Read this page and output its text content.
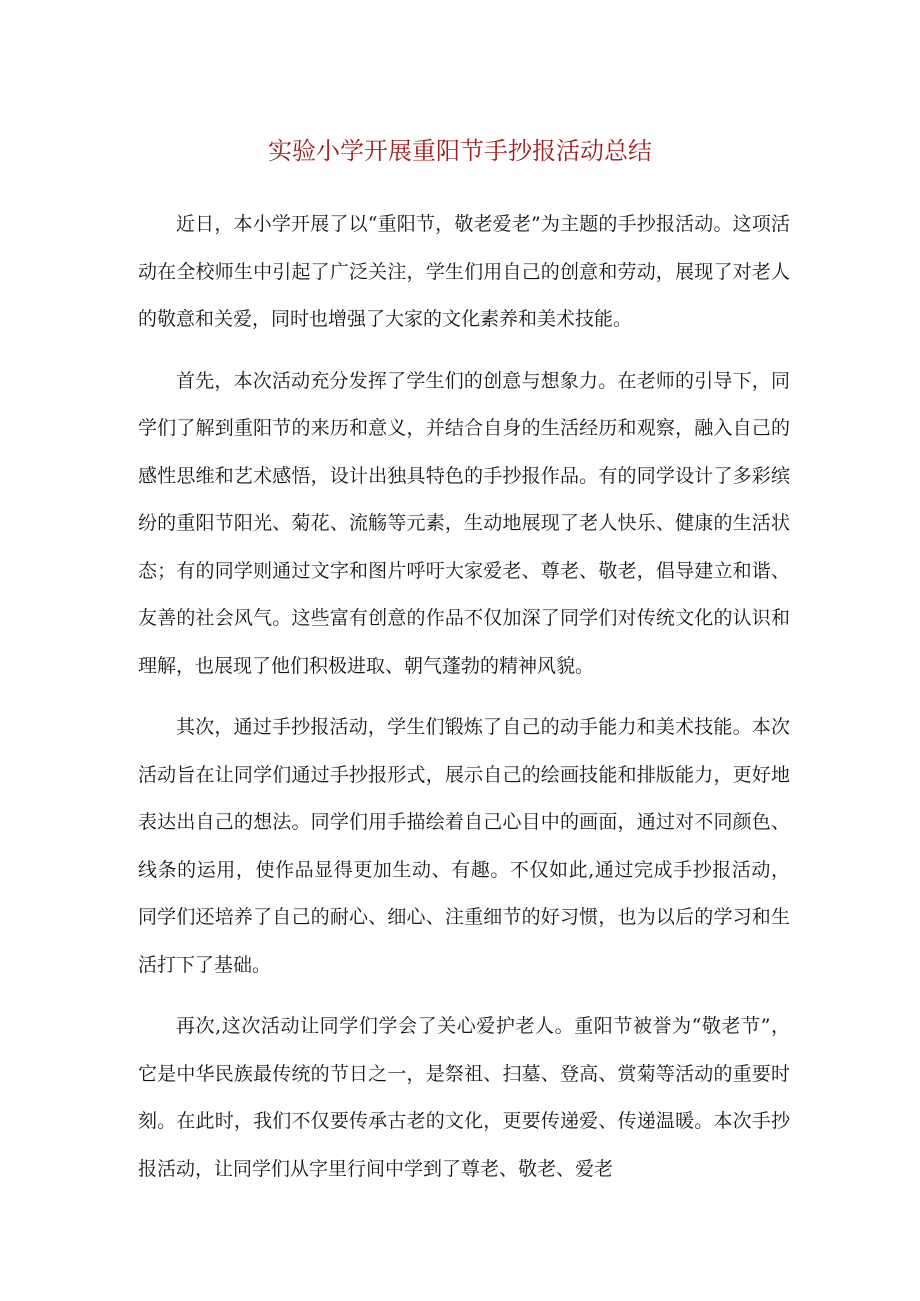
实验小学开展重阳节手抄报活动总结

近日，本小学开展了以“重阳节，敬老爱老”为主题的手抄报活动。这项活动在全校师生中引起了广泛关注，学生们用自己的创意和劳动，展现了对老人的敬意和关爱，同时也增强了大家的文化素养和美术技能。

首先，本次活动充分发挥了学生们的创意与想象力。在老师的引导下，同学们了解到重阳节的来历和意义，并结合自身的生活经历和观察，融入自己的感性思维和艺术感悟，设计出独具特色的手抄报作品。有的同学设计了多彩缤纷的重阳节阳光、菊花、流觞等元素，生动地展现了老人快乐、健康的生活状态；有的同学则通过文字和图片呼吁大家爱老、尊老、敬老，倡导建立和谐、友善的社会风气。这些富有创意的作品不仅加深了同学们对传统文化的认识和理解，也展现了他们积极进取、朝气蓬勃的精神风貌。

其次，通过手抄报活动，学生们锻炼了自己的动手能力和美术技能。本次活动旨在让同学们通过手抄报形式，展示自己的绘画技能和排版能力，更好地表达出自己的想法。同学们用手描绘着自己心目中的画面，通过对不同颜色、线条的运用，使作品显得更加生动、有趣。不仅如此,通过完成手抄报活动，同学们还培养了自己的耐心、细心、注重细节的好习惯，也为以后的学习和生活打下了基础。

再次,这次活动让同学们学会了关心爱护老人。重阳节被誉为“敬老节”，它是中华民族最传统的节日之一，是祭祖、扫墓、登高、赏菊等活动的重要时刻。在此时，我们不仅要传承古老的文化，更要传递爱、传递温暖。本次手抄报活动，让同学们从字里行间中学到了尊老、敬老、爱老
